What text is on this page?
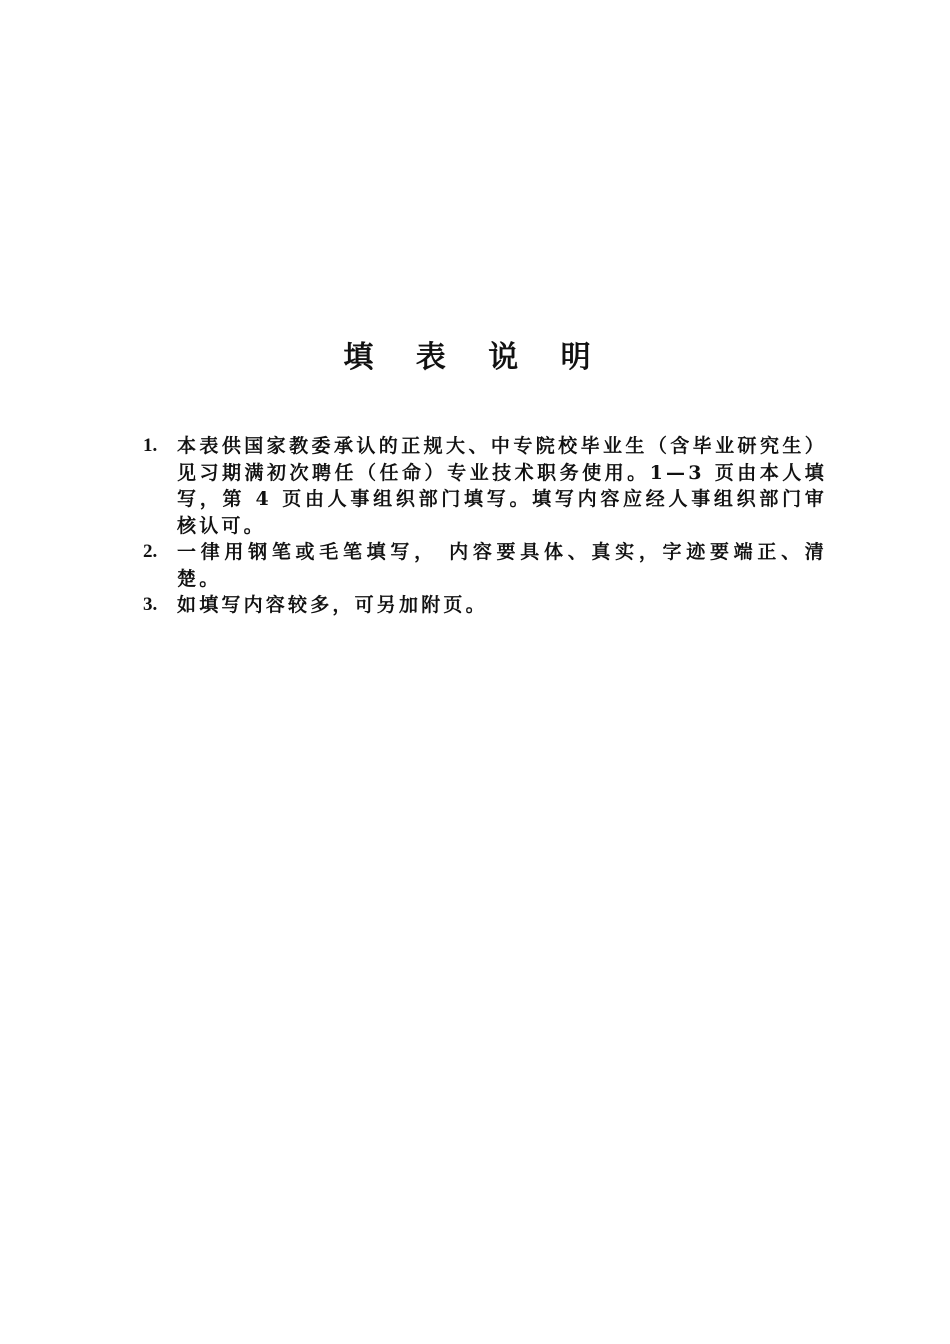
填 表 说 明
1. 本表供国家教委承认的正规大、中专院校毕业生（含毕业研究生）见习期满初次聘任（任命）专业技术职务使用。1—3 页由本人填写，第 4 页由人事组织部门填写。填写内容应经人事组织部门审核认可。
2. 一律用钢笔或毛笔填写， 内容要具体、真实，字迹要端正、清楚。
3. 如填写内容较多，可另加附页。
